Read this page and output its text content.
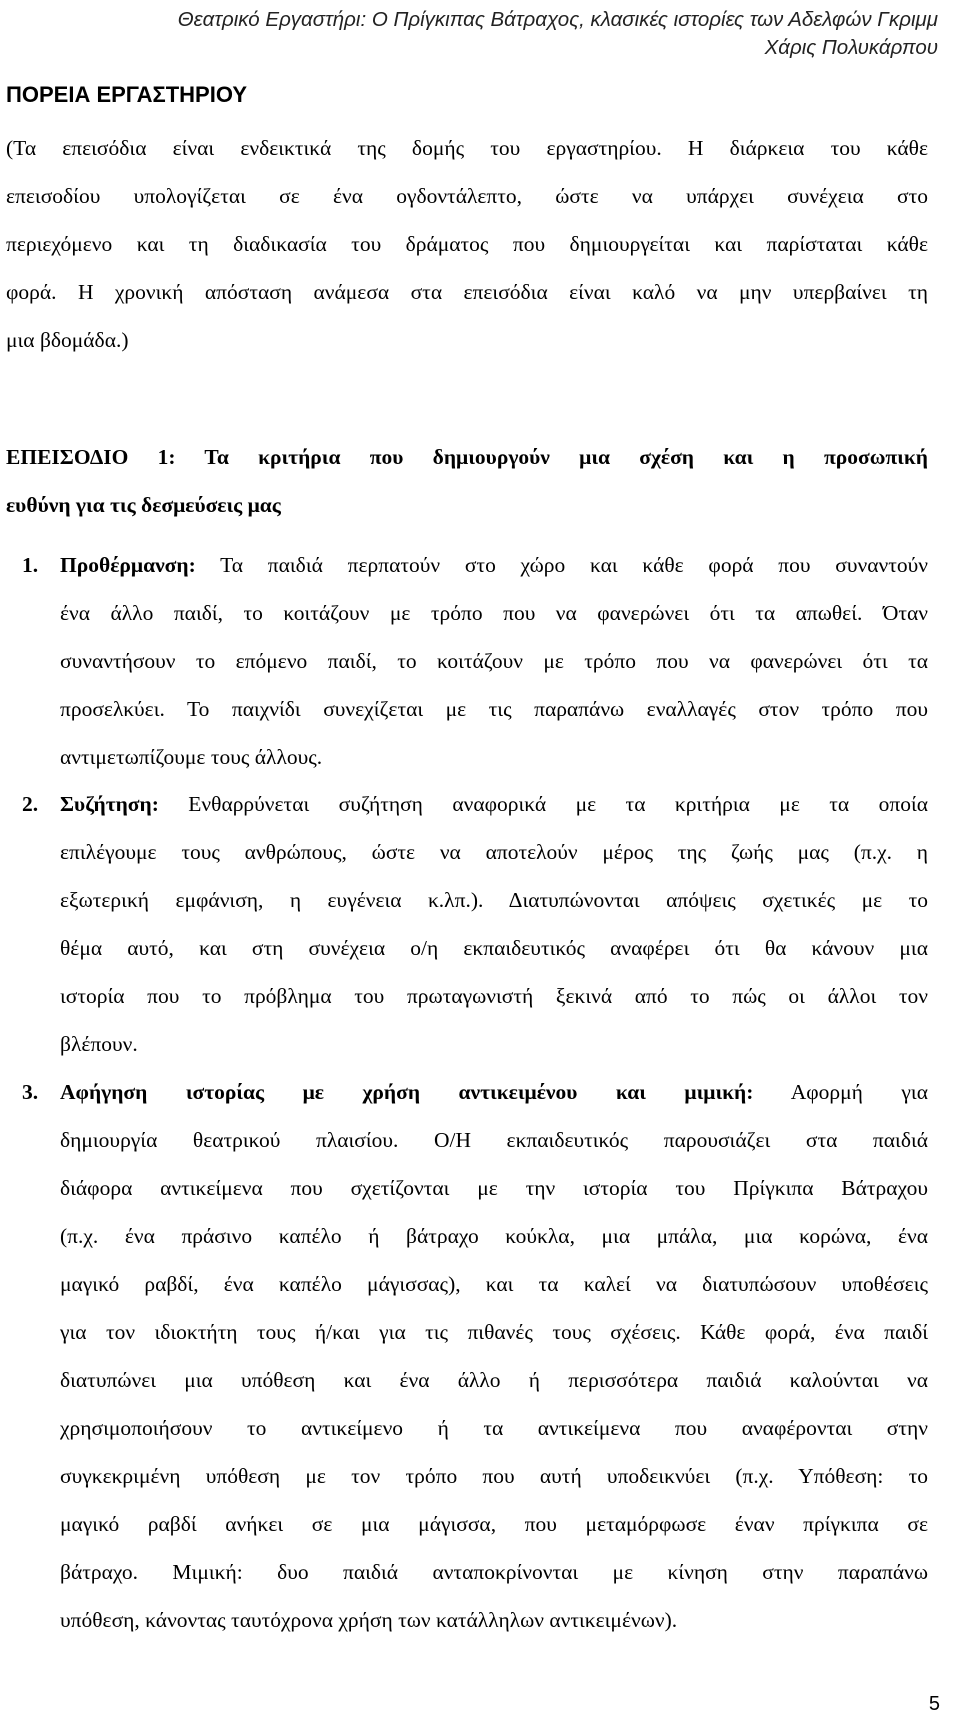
Θεατρικό Εργαστήρι: Ο Πρίγκιπας Βάτραχος, κλασικές ιστορίες των Αδελφών Γκριμμ
Χάρις Πολυκάρπου
ΠΟΡΕΙΑ ΕΡΓΑΣΤΗΡΙΟΥ
(Τα επεισόδια είναι ενδεικτικά της δομής του εργαστηρίου. Η διάρκεια του κάθε
επεισοδίου υπολογίζεται σε ένα ογδοντάλεπτο, ώστε να υπάρχει συνέχεια στο
περιεχόμενο και τη διαδικασία του δράματος που δημιουργείται και παρίσταται κάθε
φορά. Η χρονική απόσταση ανάμεσα στα επεισόδια είναι καλό να μην υπερβαίνει τη
μια βδομάδα.)
ΕΠΕΙΣΟΔΙΟ 1: Τα κριτήρια που δημιουργούν μια σχέση και η προσωπική
ευθύνη για τις δεσμεύσεις μας
1. Προθέρμανση: Τα παιδιά περπατούν στο χώρο και κάθε φορά που συναντούν
ένα άλλο παιδί, το κοιτάζουν με τρόπο που να φανερώνει ότι τα απωθεί. Όταν
συναντήσουν το επόμενο παιδί, το κοιτάζουν με τρόπο που να φανερώνει ότι τα
προσελκύει. Το παιχνίδι συνεχίζεται με τις παραπάνω εναλλαγές στον τρόπο που
αντιμετωπίζουμε τους άλλους.
2. Συζήτηση: Ενθαρρύνεται συζήτηση αναφορικά με τα κριτήρια με τα οποία
επιλέγουμε τους ανθρώπους, ώστε να αποτελούν μέρος της ζωής μας (π.χ. η
εξωτερική εμφάνιση, η ευγένεια κ.λπ.). Διατυπώνονται απόψεις σχετικές με το
θέμα αυτό, και στη συνέχεια ο/η εκπαιδευτικός αναφέρει ότι θα κάνουν μια
ιστορία που το πρόβλημα του πρωταγωνιστή ξεκινά από το πώς οι άλλοι τον
βλέπουν.
3. Αφήγηση ιστορίας με χρήση αντικειμένου και μιμική: Αφορμή για
δημιουργία θεατρικού πλαισίου. Ο/Η εκπαιδευτικός παρουσιάζει στα παιδιά
διάφορα αντικείμενα που σχετίζονται με την ιστορία του Πρίγκιπα Βάτραχου
(π.χ. ένα πράσινο καπέλο ή βάτραχο κούκλα, μια μπάλα, μια κορώνα, ένα
μαγικό ραβδί, ένα καπέλο μάγισσας), και τα καλεί να διατυπώσουν υποθέσεις
για τον ιδιοκτήτη τους ή/και για τις πιθανές τους σχέσεις. Κάθε φορά, ένα παιδί
διατυπώνει μια υπόθεση και ένα άλλο ή περισσότερα παιδιά καλούνται να
χρησιμοποιήσουν το αντικείμενο ή τα αντικείμενα που αναφέρονται στην
συγκεκριμένη υπόθεση με τον τρόπο που αυτή υποδεικνύει (π.χ. Υπόθεση: το
μαγικό ραβδί ανήκει σε μια μάγισσα, που μεταμόρφωσε έναν πρίγκιπα σε
βάτραχο. Μιμική: δυο παιδιά ανταποκρίνονται με κίνηση στην παραπάνω
υπόθεση, κάνοντας ταυτόχρονα χρήση των κατάλληλων αντικειμένων).
5
